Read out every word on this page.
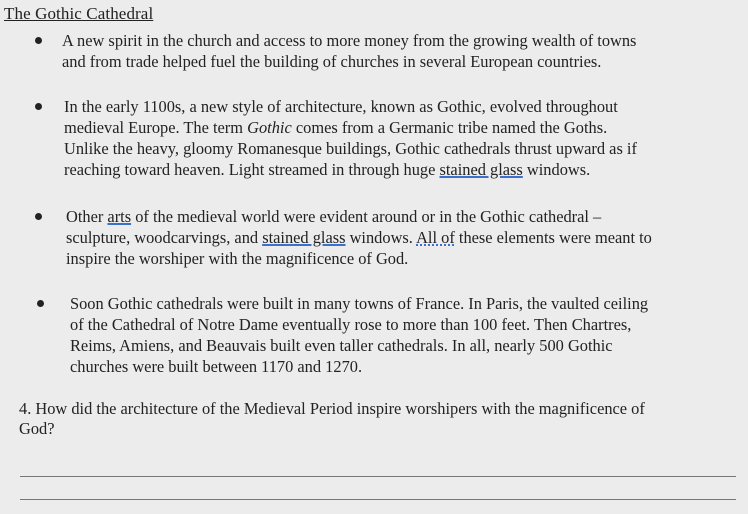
The Gothic Cathedral
A new spirit in the church and access to more money from the growing wealth of towns
and from trade helped fuel the building of churches in several European countries.
In the early 1100s, a new style of architecture, known as Gothic, evolved throughout
medieval Europe. The term Gothic comes from a Germanic tribe named the Goths.
Unlike the heavy, gloomy Romanesque buildings, Gothic cathedrals thrust upward as if
reaching toward heaven. Light streamed in through huge stained glass windows.
Other arts of the medieval world were evident around or in the Gothic cathedral –
sculpture, woodcarvings, and stained glass windows. All of these elements were meant to
inspire the worshiper with the magnificence of God.
Soon Gothic cathedrals were built in many towns of France. In Paris, the vaulted ceiling
of the Cathedral of Notre Dame eventually rose to more than 100 feet. Then Chartres,
Reims, Amiens, and Beauvais built even taller cathedrals. In all, nearly 500 Gothic
churches were built between 1170 and 1270.
4. How did the architecture of the Medieval Period inspire worshipers with the magnificence of
God?
